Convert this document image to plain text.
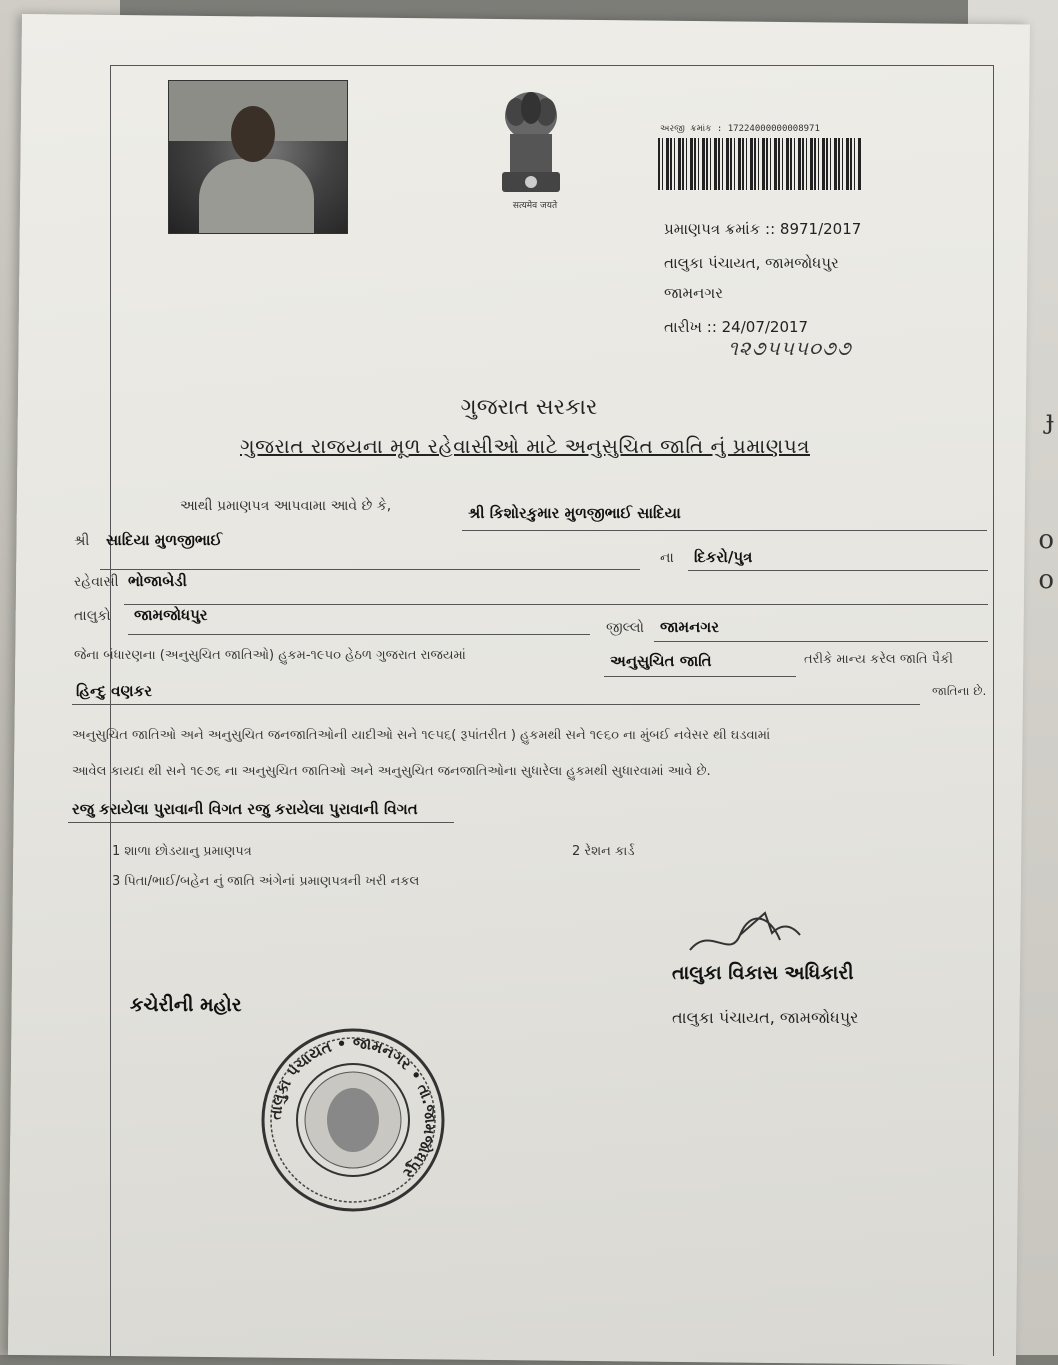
ɟ
o
o
सत्यमेव जयते
અરજી ક્રમાંક : 17224000000008971
પ્રમાણપત્ર ક્રમાંક :: 8971/2017
તાલુકા પંચાયત, જામજોધપુર
જામનગર
તારીખ :: 24/07/2017
૧૨૭૫૫૫૦૭૭
ગુજરાત સરકાર
ગુજરાત રાજયના મૂળ રહેવાસીઓ માટે અનુસુચિત જાતિ નું પ્રમાણપત્ર
આથી પ્રમાણપત્ર આપવામા આવે છે કે,	શ્રી કિશોરકુમાર મુળજીભાઈ સાદિયા
શ્રી સાદિયા મુળજીભાઈ
ના દિકરો/પુત્ર
રહેવાસી ભોજાબેડી
તાલુકો જામજોધપુર
જીલ્લો જામનગર
જેના બંધારણના (અનુસુચિત જાતિઓ) હુકમ-૧૯૫૦ હેઠળ ગુજરાત રાજયમાં	અનુસુચિત જાતિ	તરીકે માન્ય કરેલ જાતિ પૈકી
હિન્દુ વણકર	જાતિના છે.
અનુસુચિત જાતિઓ અને અનુસુચિત જનજાતિઓની યાદીઓ સને ૧૯૫૬( રૂપાંતરીત ) હુકમથી સને ૧૯૬૦ ના મુંબઈ નવેસર થી ઘડવામાં
આવેલ કાયદા થી સને ૧૯૭૬ ના અનુસુચિત જાતિઓ અને અનુસુચિત જનજાતિઓના સુધારેલા હુકમથી સુધારવામાં આવે છે.
રજુ કરાયેલા પુરાવાની વિગત રજુ કરાયેલા પુરાવાની વિગત
1 શાળા છોડયાનુ પ્રમાણપત્ર	2 રેશન કાર્ડ
3 પિતા/ભાઈ/બહેન નું જાતિ અંગેનાં પ્રમાણપત્રની ખરી નકલ
તાલુકા વિકાસ અધિકારી
તાલુકા પંચાયત, જામજોધપુર
કચેરીની મહોર
તાલુકા પંચાયત • જામનગર • તા.જામજોધપુર
